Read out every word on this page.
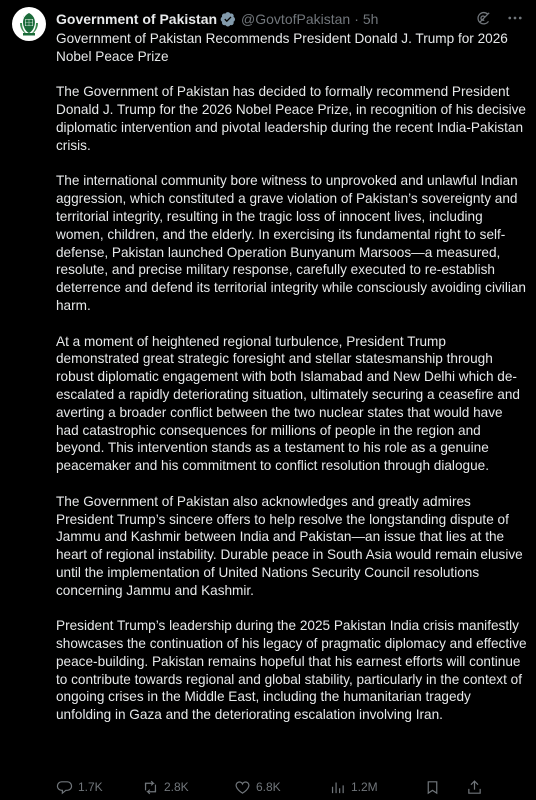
Government of Pakistan @GovtofPakistan · 5h

Government of Pakistan Recommends President Donald J. Trump for 2026 Nobel Peace Prize

The Government of Pakistan has decided to formally recommend President Donald J. Trump for the 2026 Nobel Peace Prize, in recognition of his decisive diplomatic intervention and pivotal leadership during the recent India-Pakistan crisis.

The international community bore witness to unprovoked and unlawful Indian aggression, which constituted a grave violation of Pakistan’s sovereignty and territorial integrity, resulting in the tragic loss of innocent lives, including women, children, and the elderly. In exercising its fundamental right to self-defense, Pakistan launched Operation Bunyanum Marsoos—a measured, resolute, and precise military response, carefully executed to re-establish deterrence and defend its territorial integrity while consciously avoiding civilian harm.

At a moment of heightened regional turbulence, President Trump demonstrated great strategic foresight and stellar statesmanship through robust diplomatic engagement with both Islamabad and New Delhi which de-escalated a rapidly deteriorating situation, ultimately securing a ceasefire and averting a broader conflict between the two nuclear states that would have had catastrophic consequences for millions of people in the region and beyond. This intervention stands as a testament to his role as a genuine peacemaker and his commitment to conflict resolution through dialogue.

The Government of Pakistan also acknowledges and greatly admires President Trump’s sincere offers to help resolve the longstanding dispute of Jammu and Kashmir between India and Pakistan—an issue that lies at the heart of regional instability. Durable peace in South Asia would remain elusive until the implementation of United Nations Security Council resolutions concerning Jammu and Kashmir.

President Trump’s leadership during the 2025 Pakistan India crisis manifestly showcases the continuation of his legacy of pragmatic diplomacy and effective peace-building. Pakistan remains hopeful that his earnest efforts will continue to contribute towards regional and global stability, particularly in the context of ongoing crises in the Middle East, including the humanitarian tragedy unfolding in Gaza and the deteriorating escalation involving Iran.

1.7K	2.8K	6.8K	1.2M
